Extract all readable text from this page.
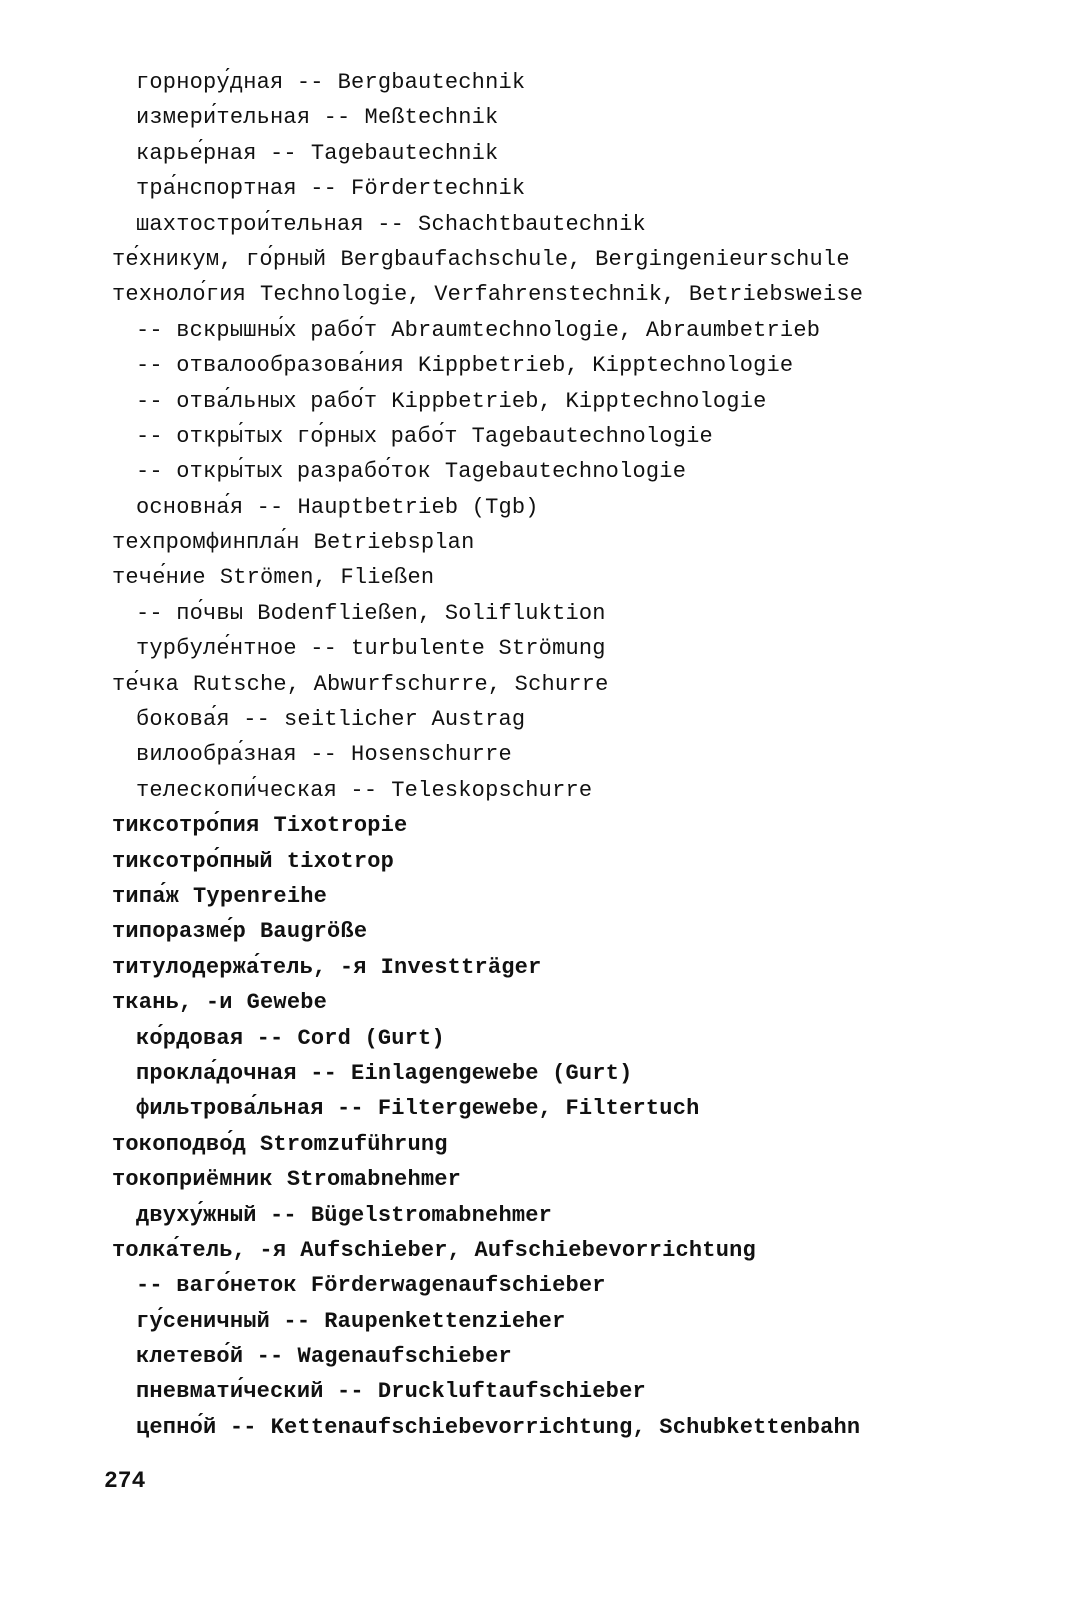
горнору́дная -- Bergbautechnik
измери́тельная -- Meßtechnik
карье́рная -- Tagebautechnik
тра́нспортная -- Fördertechnik
шахтострои́тельная -- Schachtbautechnik
те́хникум, го́рный Bergbaufachschule, Bergingenieurschule
техноло́гия Technologie, Verfahrenstechnik, Betriebsweise
-- вскрышны́х рабо́т Abraumtechnologie, Abraumbetrieb
-- отвалообразова́ния Kippbetrieb, Kipptechnologie
-- отва́льных рабо́т Kippbetrieb, Kipptechnologie
-- откры́тых го́рных рабо́т Tagebautechnologie
-- откры́тых разрабо́ток Tagebautechnologie
основна́я -- Hauptbetrieb (Tgb)
техпромфинпла́н Betriebsplan
тече́ние Strömen, Fließen
-- по́чвы Bodenfließen, Solifluktion
турбуле́нтное -- turbulente Strömung
те́чка Rutsche, Abwurfschurre, Schurre
бокова́я -- seitlicher Austrag
вилообра́зная -- Hosenschurre
телескопи́ческая -- Teleskopschurre
тиксотро́пия Tixotropie
тиксотро́пный tixotrop
типа́ж Typenreihe
типоразме́р Baugröße
титулодержа́тель, -я Investträger
ткань, -и Gewebe
ко́рдовая -- Cord (Gurt)
прокла́дочная -- Einlagengewebe (Gurt)
фильтрова́льная -- Filtergewebe, Filtertuch
токоподво́д Stromzuführung
токоприёмник Stromabnehmer
двуху́жный -- Bügelstromabnehmer
толка́тель, -я Aufschieber, Aufschiebevorrichtung
-- ваго́неток Förderwagenaufschieber
гу́сеничный -- Raupenkettenzieher
клетево́й -- Wagenaufschieber
пневмати́ческий -- Druckluftaufschieber
цепно́й -- Kettenaufschiebevorrichtung, Schubkettenbahn
274
